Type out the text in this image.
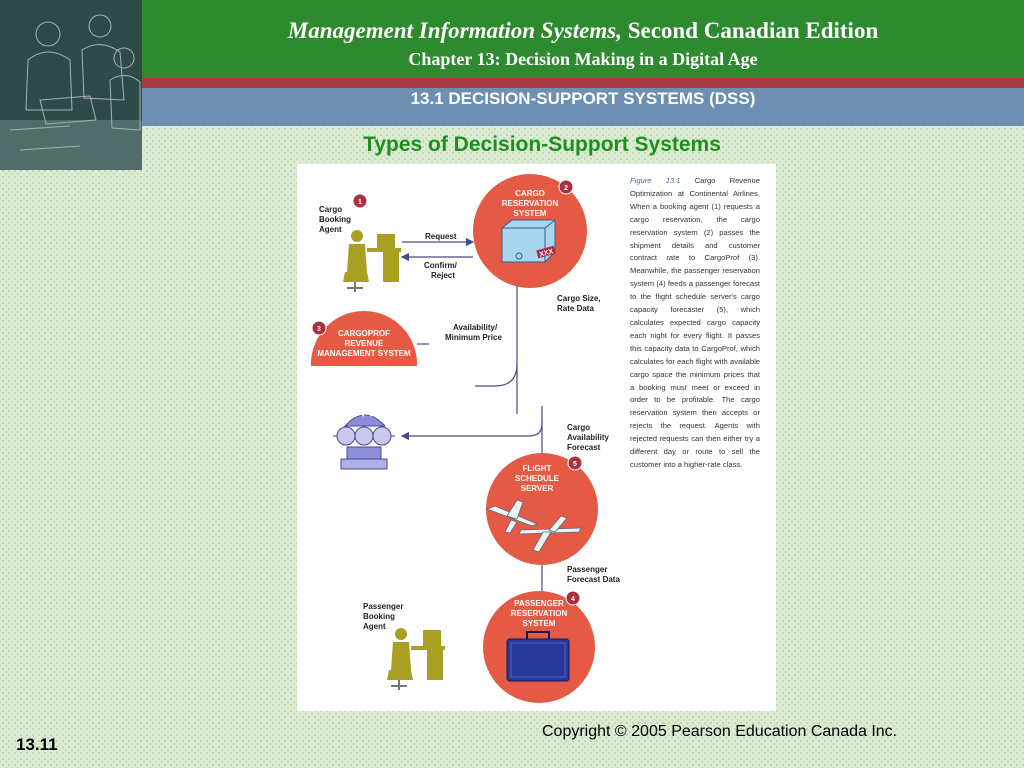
Management Information Systems, Second Canadian Edition
Chapter 13: Decision Making in a Digital Age
13.1 DECISION-SUPPORT SYSTEMS (DSS)
Types of Decision-Support Systems
Cargo Booking Agent
1
Request
Confirm/ Reject
Cargo Size, Rate Data
Availability/ Minimum Price
Cargo Availability Forecast
Passenger Forecast Data
CARGO RESERVATION SYSTEM
XXX
2
CARGOPROF REVENUE MANAGEMENT SYSTEM
3
FLIGHT SCHEDULE SERVER
5
PASSENGER RESERVATION SYSTEM
4
Passenger Booking Agent
Figure 13.1 Cargo Revenue Optimization at Continental Airlines. When a booking agent (1) requests a cargo reservation, the cargo reservation system (2) passes the shipment details and customer contract rate to CargoProf (3). Meanwhile, the passenger reservation system (4) feeds a passenger forecast to the flight schedule server's cargo capacity forecaster (5), which calculates expected cargo capacity each night for every flight. It passes this capacity data to CargoProf, which calculates for each flight with available cargo space the minimum prices that a booking must meet or exceed in order to be profitable. The cargo reservation system then accepts or rejects the request. Agents with rejected requests can then either try a different day or route to sell the customer into a higher-rate class.
13.11
Copyright © 2005 Pearson Education Canada Inc.
